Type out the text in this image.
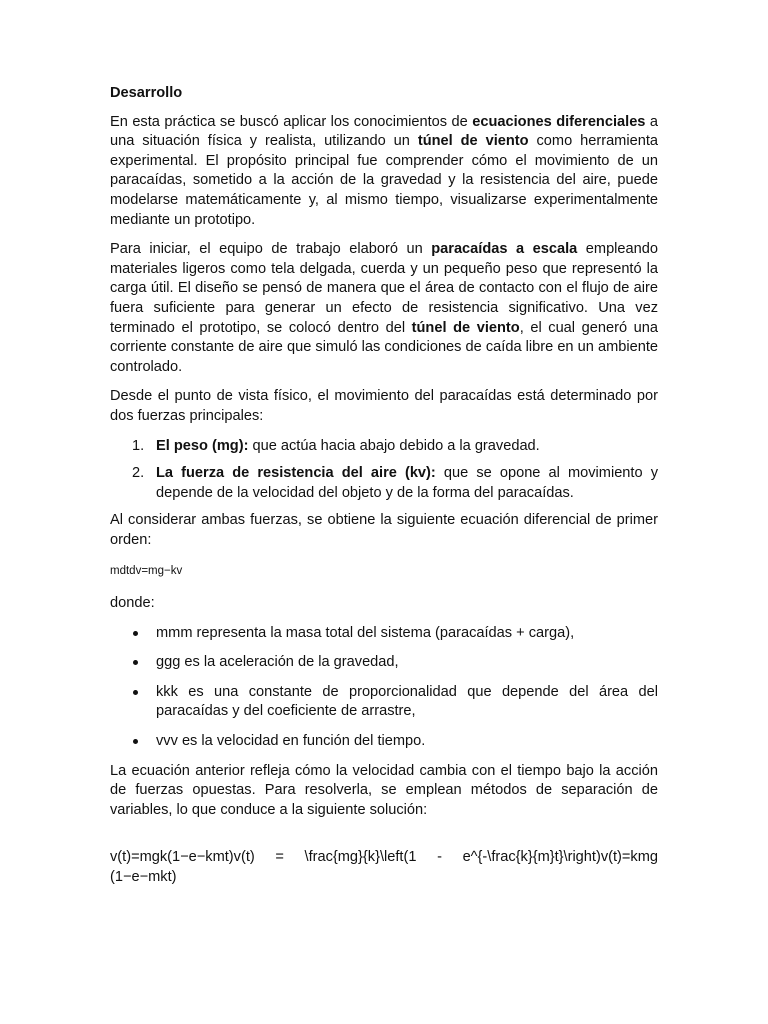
Desarrollo

En esta práctica se buscó aplicar los conocimientos de ecuaciones diferenciales a una situación física y realista, utilizando un túnel de viento como herramienta experimental. El propósito principal fue comprender cómo el movimiento de un paracaídas, sometido a la acción de la gravedad y la resistencia del aire, puede modelarse matemáticamente y, al mismo tiempo, visualizarse experimentalmente mediante un prototipo.

Para iniciar, el equipo de trabajo elaboró un paracaídas a escala empleando materiales ligeros como tela delgada, cuerda y un pequeño peso que representó la carga útil. El diseño se pensó de manera que el área de contacto con el flujo de aire fuera suficiente para generar un efecto de resistencia significativo. Una vez terminado el prototipo, se colocó dentro del túnel de viento, el cual generó una corriente constante de aire que simuló las condiciones de caída libre en un ambiente controlado.

Desde el punto de vista físico, el movimiento del paracaídas está determinado por dos fuerzas principales:

1. El peso (mg): que actúa hacia abajo debido a la gravedad.
2. La fuerza de resistencia del aire (kv): que se opone al movimiento y depende de la velocidad del objeto y de la forma del paracaídas.

Al considerar ambas fuerzas, se obtiene la siguiente ecuación diferencial de primer orden:

mdtdv=mg−kv

donde:

mmm representa la masa total del sistema (paracaídas + carga),
ggg es la aceleración de la gravedad,
kkk es una constante de proporcionalidad que depende del área del paracaídas y del coeficiente de arrastre,
vvv es la velocidad en función del tiempo.

La ecuación anterior refleja cómo la velocidad cambia con el tiempo bajo la acción de fuerzas opuestas. Para resolverla, se emplean métodos de separación de variables, lo que conduce a la siguiente solución:

v(t)=mgk(1−e−kmt)v(t) = \frac{mg}{k}\left(1 - e^{-\frac{k}{m}t}\right)v(t)=kmg (1−e−mkt)
